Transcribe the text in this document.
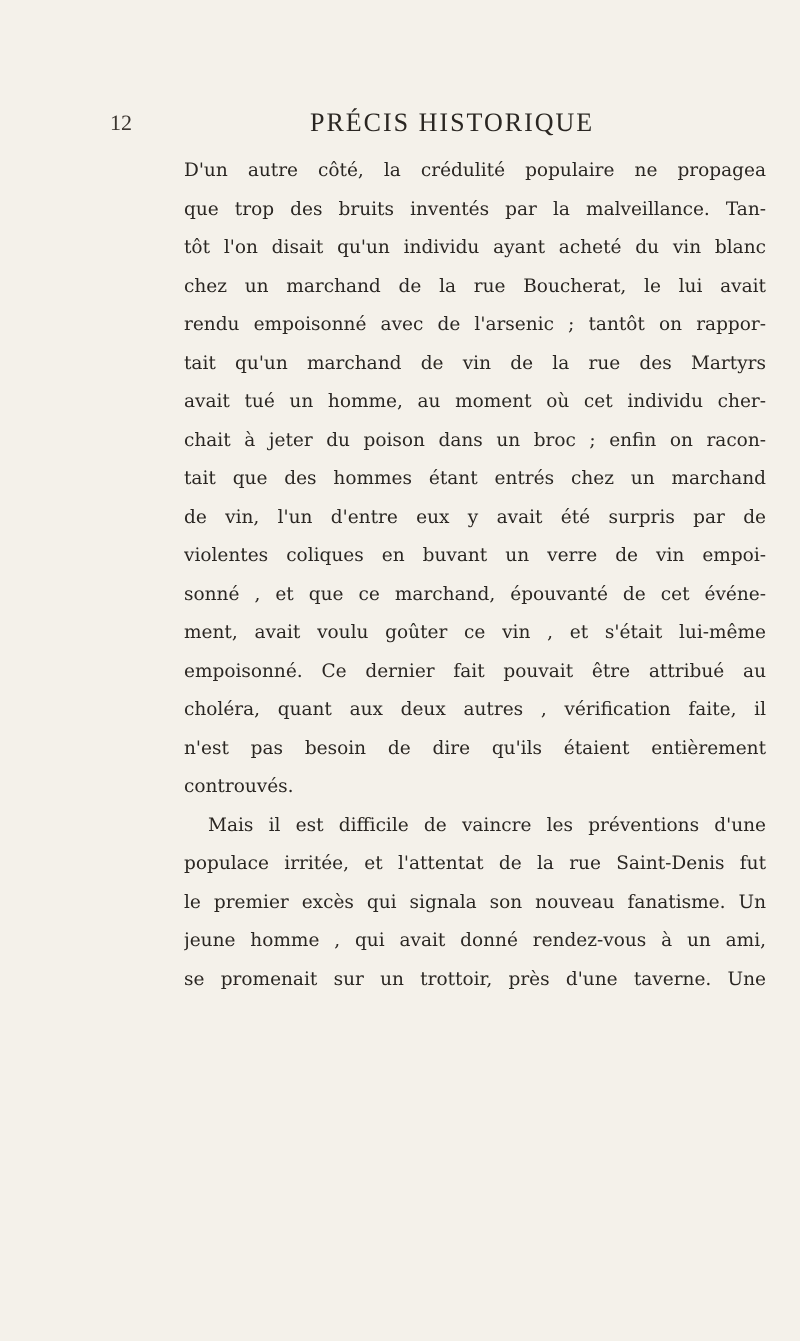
12	PRÉCIS HISTORIQUE
D'un autre côté, la crédulité populaire ne propagea
que trop des bruits inventés par la malveillance. Tan-
tôt l'on disait qu'un individu ayant acheté du vin blanc
chez un marchand de la rue Boucherat, le lui avait
rendu empoisonné avec de l'arsenic ; tantôt on rappor-
tait qu'un marchand de vin de la rue des Martyrs
avait tué un homme, au moment où cet individu cher-
chait à jeter du poison dans un broc ; enfin on racon-
tait que des hommes étant entrés chez un marchand
de vin, l'un d'entre eux y avait été surpris par de
violentes coliques en buvant un verre de vin empoi-
sonné , et que ce marchand, épouvanté de cet événe-
ment, avait voulu goûter ce vin , et s'était lui-même
empoisonné. Ce dernier fait pouvait être attribué au
choléra, quant aux deux autres , vérification faite, il
n'est pas besoin de dire qu'ils étaient entièrement
controuvés.
Mais il est difficile de vaincre les préventions d'une
populace irritée, et l'attentat de la rue Saint-Denis fut
le premier excès qui signala son nouveau fanatisme. Un
jeune homme , qui avait donné rendez-vous à un ami,
se promenait sur un trottoir, près d'une taverne. Une
